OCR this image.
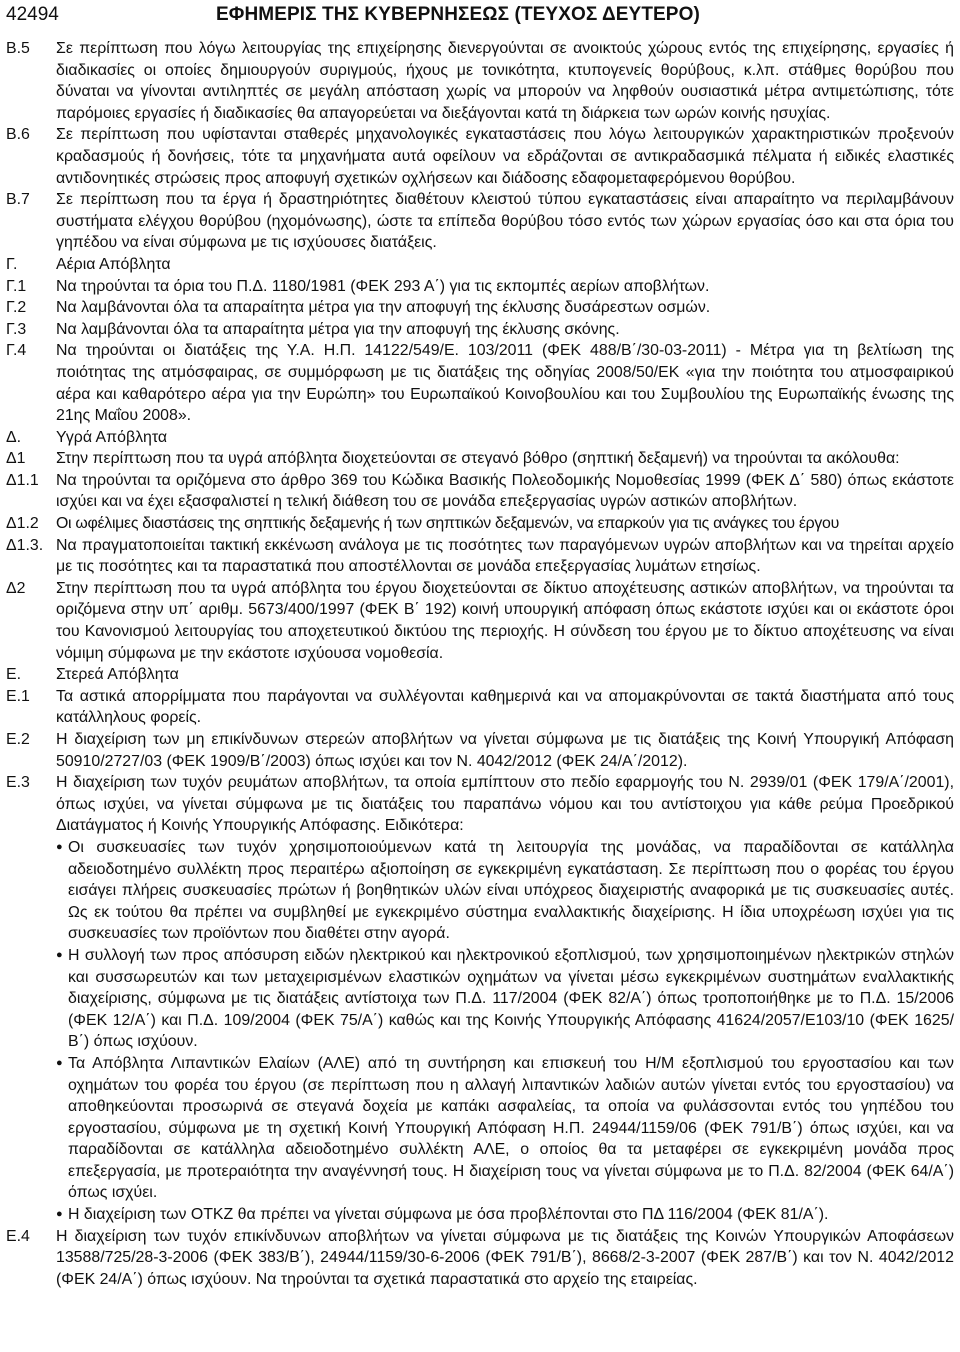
42494	ΕΦΗΜΕΡΙΣ ΤΗΣ ΚΥΒΕΡΝΗΣΕΩΣ (ΤΕΥΧΟΣ ΔΕΥΤΕΡΟ)
Β.5	Σε περίπτωση που λόγω λειτουργίας της επιχείρησης διενεργούνται σε ανοικτούς χώρους εντός της επιχείρησης, εργασίες ή διαδικασίες οι οποίες δημιουργούν συριγμούς, ήχους με τονικότητα, κτυπογενείς θορύβους, κ.λπ. στάθμες θορύβου που δύναται να γίνονται αντιληπτές σε μεγάλη απόσταση χωρίς να μπορούν να ληφθούν ουσιαστικά μέτρα αντιμετώπισης, τότε παρόμοιες εργασίες ή διαδικασίες θα απαγορεύεται να διεξάγονται κατά τη διάρκεια των ωρών κοινής ησυχίας.
Β.6	Σε περίπτωση που υφίστανται σταθερές μηχανολογικές εγκαταστάσεις που λόγω λειτουργικών χαρακτηριστικών προξενούν κραδασμούς ή δονήσεις, τότε τα μηχανήματα αυτά οφείλουν να εδράζονται σε αντικραδασμικά πέλματα ή ειδικές ελαστικές αντιδονητικές στρώσεις προς αποφυγή σχετικών οχλήσεων και διάδοσης εδαφομεταφερόμενου θορύβου.
Β.7	Σε περίπτωση που τα έργα ή δραστηριότητες διαθέτουν κλειστού τύπου εγκαταστάσεις είναι απαραίτητο να περιλαμβάνουν συστήματα ελέγχου θορύβου (ηχομόνωσης), ώστε τα επίπεδα θορύβου τόσο εντός των χώρων εργασίας όσο και στα όρια του γηπέδου να είναι σύμφωνα με τις ισχύουσες διατάξεις.
Γ.	Αέρια Απόβλητα
Γ.1	Να τηρούνται τα όρια του Π.Δ. 1180/1981 (ΦΕΚ 293 Α΄) για τις εκπομπές αερίων αποβλήτων.
Γ.2	Να λαμβάνονται όλα τα απαραίτητα μέτρα για την αποφυγή της έκλυσης δυσάρεστων οσμών.
Γ.3	Να λαμβάνονται όλα τα απαραίτητα μέτρα για την αποφυγή της έκλυσης σκόνης.
Γ.4	Να τηρούνται οι διατάξεις της Υ.Α. Η.Π. 14122/549/Ε. 103/2011 (ΦΕΚ 488/Β΄/30-03-2011) - Μέτρα για τη βελτίωση της ποιότητας της ατμόσφαιρας, σε συμμόρφωση με τις διατάξεις της οδηγίας 2008/50/ΕΚ «για την ποιότητα του ατμοσφαιρικού αέρα και καθαρότερο αέρα για την Ευρώπη» του Ευρωπαϊκού Κοινοβουλίου και του Συμβουλίου της Ευρωπαϊκής ένωσης της 21ης Μαΐου 2008».
Δ.	Υγρά Απόβλητα
Δ1	Στην περίπτωση που τα υγρά απόβλητα διοχετεύονται σε στεγανό βόθρο (σηπτική δεξαμενή) να τηρούνται τα ακόλουθα:
Δ1.1	Να τηρούνται τα οριζόμενα στο άρθρο 369 του Κώδικα Βασικής Πολεοδομικής Νομοθεσίας 1999 (ΦΕΚ Δ΄ 580) όπως εκάστοτε ισχύει και να έχει εξασφαλιστεί η τελική διάθεση του σε μονάδα επεξεργασίας υγρών αστικών αποβλήτων.
Δ1.2	Οι ωφέλιμες διαστάσεις της σηπτικής δεξαμενής ή των σηπτικών δεξαμενών, να επαρκούν για τις ανάγκες του έργου
Δ1.3. Να πραγματοποιείται τακτική εκκένωση ανάλογα με τις ποσότητες των παραγόμενων υγρών αποβλήτων και να τηρείται αρχείο με τις ποσότητες και τα παραστατικά που αποστέλλονται σε μονάδα επεξεργασίας λυμάτων ετησίως.
Δ2	Στην περίπτωση που τα υγρά απόβλητα του έργου διοχετεύονται σε δίκτυο αποχέτευσης αστικών αποβλήτων, να τηρούνται τα οριζόμενα στην υπ΄ αριθμ. 5673/400/1997 (ΦΕΚ Β΄ 192) κοινή υπουργική απόφαση όπως εκάστοτε ισχύει και οι εκάστοτε όροι του Κανονισμού λειτουργίας του αποχετευτικού δικτύου της περιοχής. Η σύνδεση του έργου με το δίκτυο αποχέτευσης να είναι νόμιμη σύμφωνα με την εκάστοτε ισχύουσα νομοθεσία.
Ε.	Στερεά Απόβλητα
Ε.1	Τα αστικά απορρίμματα που παράγονται να συλλέγονται καθημερινά και να απομακρύνονται σε τακτά διαστήματα από τους κατάλληλους φορείς.
Ε.2	Η διαχείριση των μη επικίνδυνων στερεών αποβλήτων να γίνεται σύμφωνα με τις διατάξεις της Κοινή Υπουργική Απόφαση 50910/2727/03 (ΦΕΚ 1909/Β΄/2003) όπως ισχύει και τον Ν. 4042/2012 (ΦΕΚ 24/Α΄/2012).
Ε.3	Η διαχείριση των τυχόν ρευμάτων αποβλήτων, τα οποία εμπίπτουν στο πεδίο εφαρμογής του Ν. 2939/01 (ΦΕΚ 179/Α΄/2001), όπως ισχύει, να γίνεται σύμφωνα με τις διατάξεις του παραπάνω νόμου και του αντίστοιχου για κάθε ρεύμα Προεδρικού Διατάγματος ή Κοινής Υπουργικής Απόφασης. Ειδικότερα:
● Οι συσκευασίες των τυχόν χρησιμοποιούμενων κατά τη λειτουργία της μονάδας, να παραδίδονται σε κατάλληλα αδειοδοτημένο συλλέκτη προς περαιτέρω αξιοποίηση σε εγκεκριμένη εγκατάσταση. Σε περίπτωση που ο φορέας του έργου εισάγει πλήρεις συσκευασίες πρώτων ή βοηθητικών υλών είναι υπόχρεος διαχειριστής αναφορικά με τις συσκευασίες αυτές. Ως εκ τούτου θα πρέπει να συμβληθεί με εγκεκριμένο σύστημα εναλλακτικής διαχείρισης. Η ίδια υποχρέωση ισχύει για τις συσκευασίες των προϊόντων που διαθέτει στην αγορά.
● Η συλλογή των προς απόσυρση ειδών ηλεκτρικού και ηλεκτρονικού εξοπλισμού, των χρησιμοποιημένων ηλεκτρικών στηλών και συσσωρευτών και των μεταχειρισμένων ελαστικών οχημάτων να γίνεται μέσω εγκεκριμένων συστημάτων εναλλακτικής διαχείρισης, σύμφωνα με τις διατάξεις αντίστοιχα των Π.Δ. 117/2004 (ΦΕΚ 82/Α΄) όπως τροποποιήθηκε με το Π.Δ. 15/2006 (ΦΕΚ 12/Α΄) και Π.Δ. 109/2004 (ΦΕΚ 75/Α΄) καθώς και της Κοινής Υπουργικής Απόφασης 41624/2057/Ε103/10 (ΦΕΚ 1625/Β΄) όπως ισχύουν.
● Τα Απόβλητα Λιπαντικών Ελαίων (ΑΛΕ) από τη συντήρηση και επισκευή του Η/Μ εξοπλισμού του εργοστασίου και των οχημάτων του φορέα του έργου (σε περίπτωση που η αλλαγή λιπαντικών λαδιών αυτών γίνεται εντός του εργοστασίου) να αποθηκεύονται προσωρινά σε στεγανά δοχεία με καπάκι ασφαλείας, τα οποία να φυλάσσονται εντός του γηπέδου του εργοστασίου, σύμφωνα με τη σχετική Κοινή Υπουργική Απόφαση Η.Π. 24944/1159/06 (ΦΕΚ 791/Β΄) όπως ισχύει, και να παραδίδονται σε κατάλληλα αδειοδοτημένο συλλέκτη ΑΛΕ, ο οποίος θα τα μεταφέρει σε εγκεκριμένη μονάδα προς επεξεργασία, με προτεραιότητα την αναγέννησή τους. Η διαχείριση τους να γίνεται σύμφωνα με το Π.Δ. 82/2004 (ΦΕΚ 64/Α΄) όπως ισχύει.
● Η διαχείριση των ΟΤΚΖ θα πρέπει να γίνεται σύμφωνα με όσα προβλέπονται στο ΠΔ 116/2004 (ΦΕΚ 81/Α΄).
Ε.4	Η διαχείριση των τυχόν επικίνδυνων αποβλήτων να γίνεται σύμφωνα με τις διατάξεις της Κοινών Υπουργικών Αποφάσεων 13588/725/28-3-2006 (ΦΕΚ 383/Β΄), 24944/1159/30-6-2006 (ΦΕΚ 791/Β΄), 8668/2-3-2007 (ΦΕΚ 287/Β΄) και τον Ν. 4042/2012 (ΦΕΚ 24/Α΄) όπως ισχύουν. Να τηρούνται τα σχετικά παραστατικά στο αρχείο της εταιρείας.
